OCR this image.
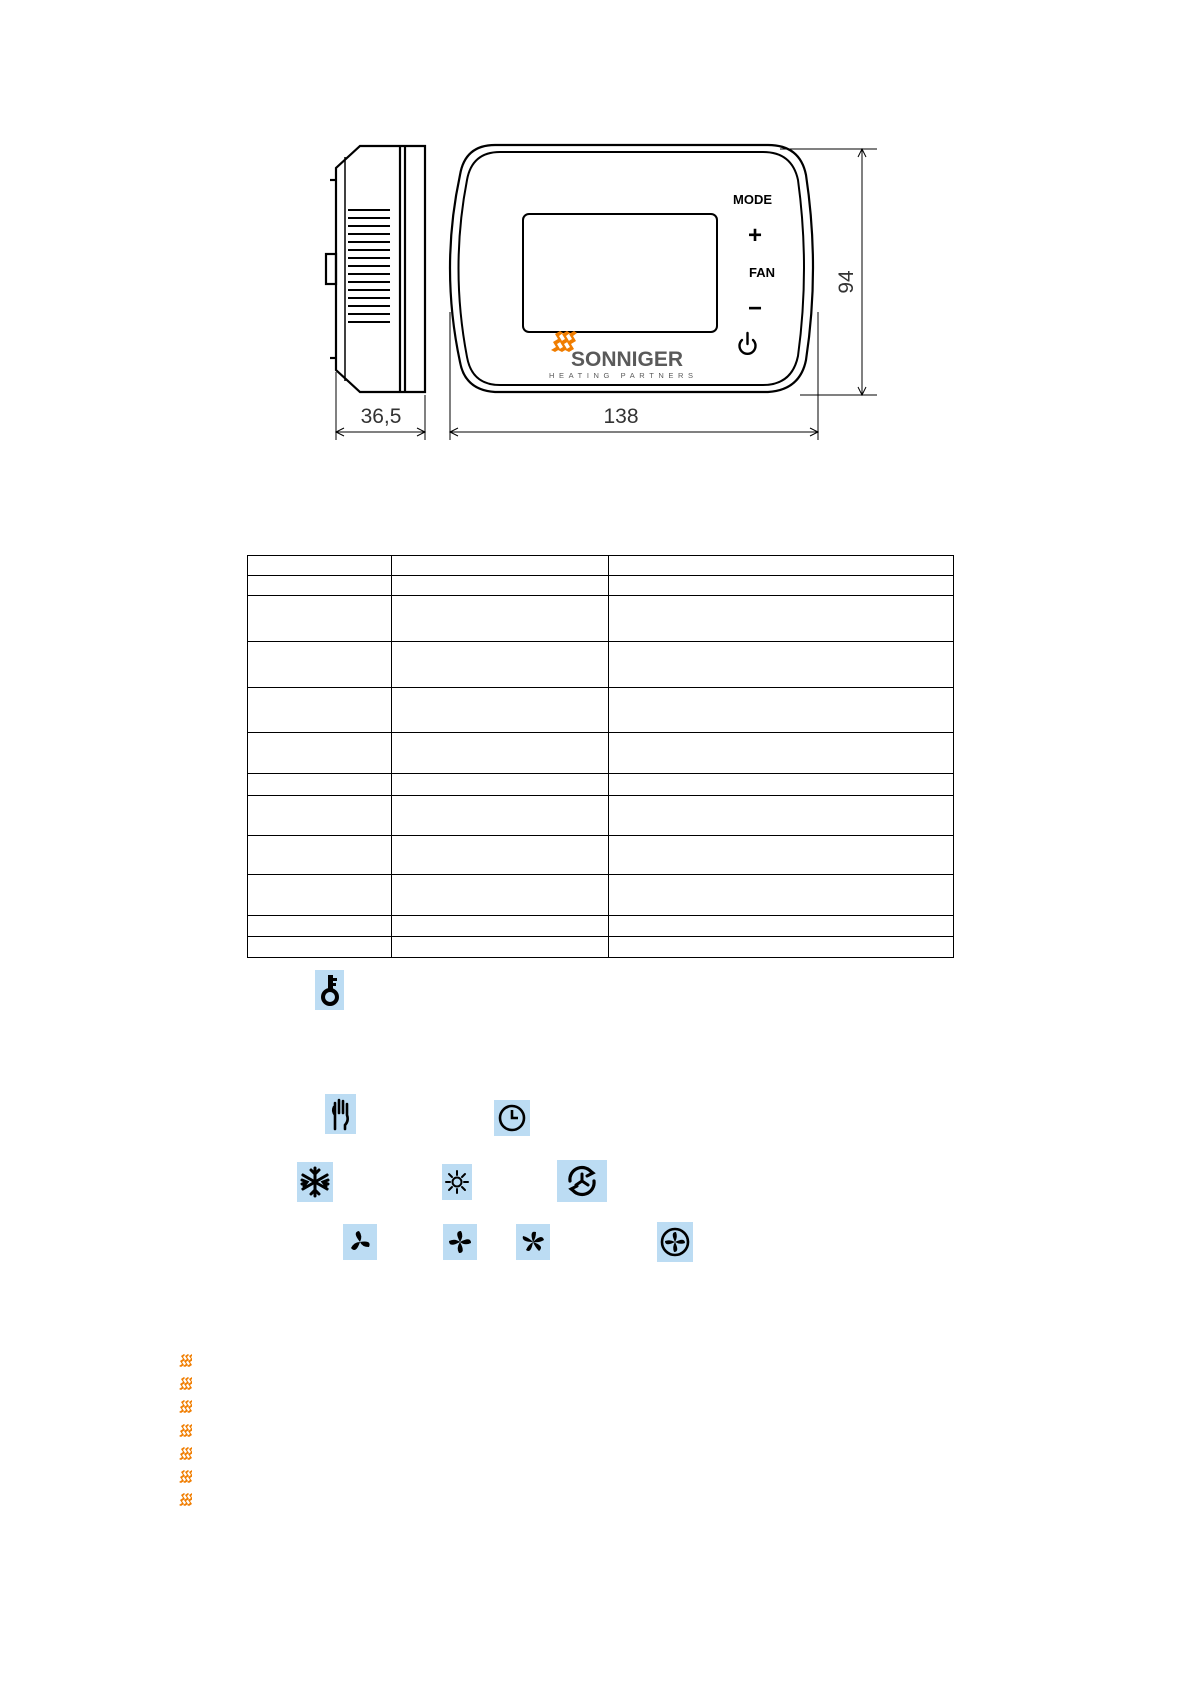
MODE
+
FAN
−
SONNIGER
HEATING PARTNERS
36,5	138
94
